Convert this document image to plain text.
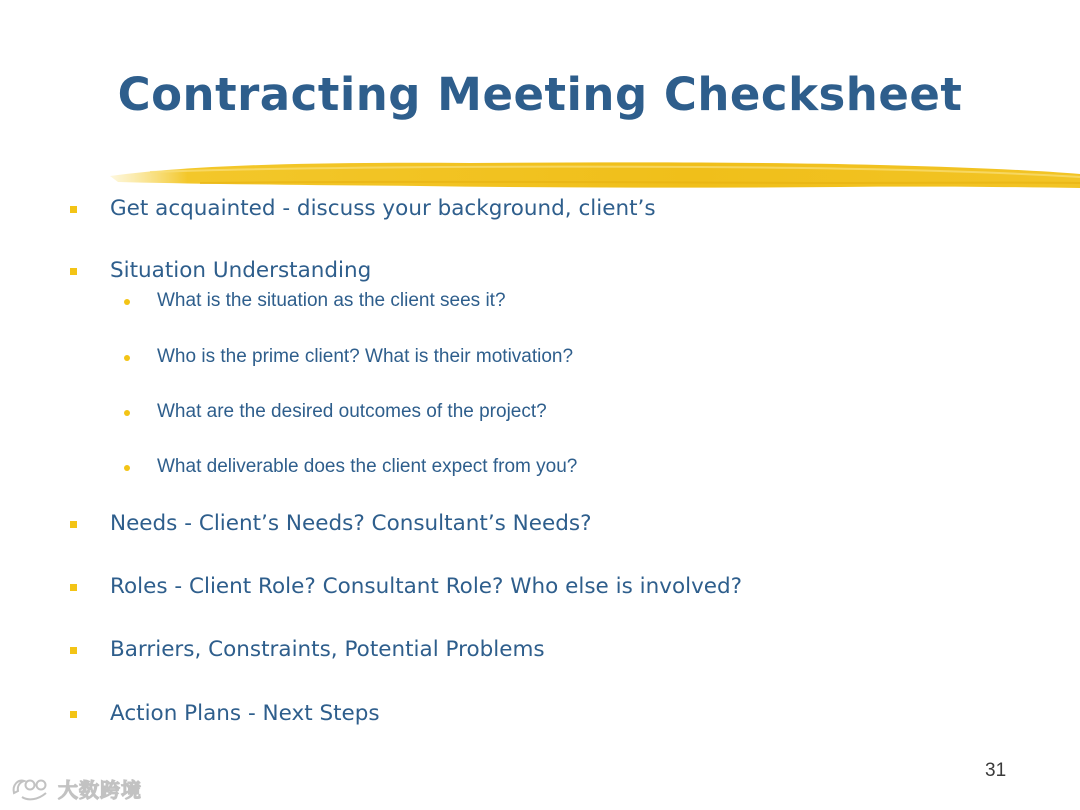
Contracting Meeting Checksheet
Get acquainted - discuss your background, client’s
Situation Understanding
What is the situation as the client sees it?
Who is the prime client? What is their motivation?
What are the desired outcomes of the project?
What deliverable does the client expect from you?
Needs - Client’s Needs? Consultant’s Needs?
Roles - Client Role? Consultant Role? Who else is involved?
Barriers, Constraints, Potential Problems
Action Plans - Next Steps
31
大数跨境
